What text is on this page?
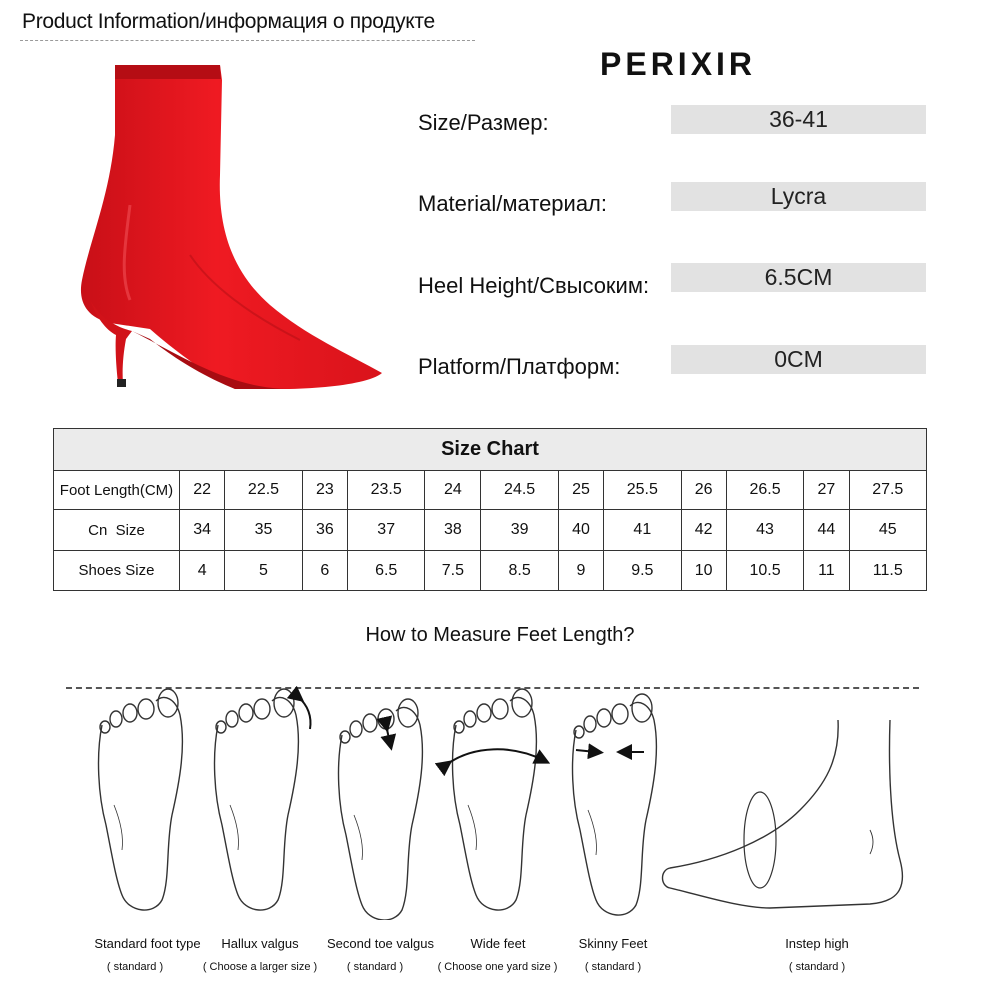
Product Information/информация о продукте
PERIXIR
Size/Размер:	36-41
Material/материал:	Lycra
Heel Height/Свысоким:	6.5CM
Platform/Платформ:	0CM
Size Chart												
Foot Length(CM)	22	22.5	23	23.5	24	24.5	25	25.5	26	26.5	27	27.5
Cn  Size	34	35	36	37	38	39	40	41	42	43	44	45
Shoes Size	4	5	6	6.5	7.5	8.5	9	9.5	10	10.5	11	11.5
How to Measure Feet Length?
Standard foot type
( standard )
Hallux valgus
( Choose a larger size )
Second toe valgus
( standard )
Wide feet
( Choose one yard size )
Skinny Feet
( standard )
Instep high
( standard )
